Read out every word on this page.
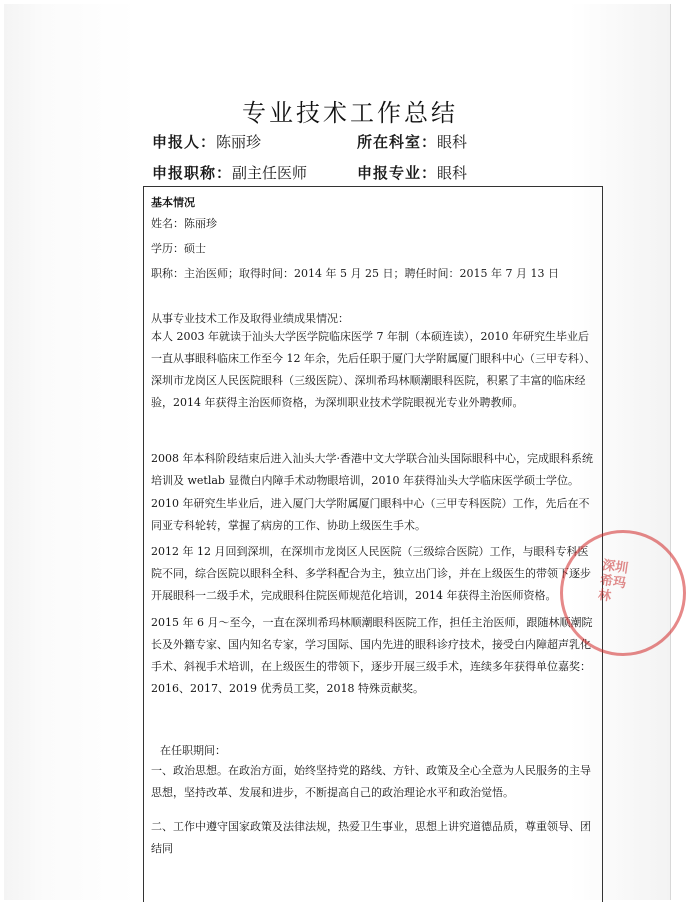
专业技术工作总结
申报人：陈丽珍	所在科室：眼科
申报职称：副主任医师	申报专业：眼科
基本情况
姓名：陈丽珍
学历：硕士
职称：主治医师；取得时间：2014 年 5 月 25 日；聘任时间：2015 年 7 月 13 日
从事专业技术工作及取得业绩成果情况：
本人 2003 年就读于汕头大学医学院临床医学 7 年制（本硕连读），2010 年研究生毕业后一直从事眼科临床工作至今 12 年余，先后任职于厦门大学附属厦门眼科中心（三甲专科）、深圳市龙岗区人民医院眼科（三级医院）、深圳希玛林顺潮眼科医院，积累了丰富的临床经验，2014 年获得主治医师资格，为深圳职业技术学院眼视光专业外聘教师。
2008 年本科阶段结束后进入汕头大学·香港中文大学联合汕头国际眼科中心，完成眼科系统培训及 wetlab 显微白内障手术动物眼培训，2010 年获得汕头大学临床医学硕士学位。
2010 年研究生毕业后，进入厦门大学附属厦门眼科中心（三甲专科医院）工作，先后在不同亚专科轮转，掌握了病房的工作、协助上级医生手术。
2012 年 12 月回到深圳，在深圳市龙岗区人民医院（三级综合医院）工作，与眼科专科医院不同，综合医院以眼科全科、多学科配合为主，独立出门诊，并在上级医生的带领下逐步开展眼科一二级手术，完成眼科住院医师规范化培训，2014 年获得主治医师资格。
2015 年 6 月～至今，一直在深圳希玛林顺潮眼科医院工作，担任主治医师，跟随林顺潮院长及外籍专家、国内知名专家，学习国际、国内先进的眼科诊疗技术，接受白内障超声乳化手术、斜视手术培训，在上级医生的带领下，逐步开展三级手术，连续多年获得单位嘉奖：2016、2017、2019 优秀员工奖，2018 特殊贡献奖。
在任职期间：
一、政治思想。在政治方面，始终坚持党的路线、方针、政策及全心全意为人民服务的主导思想，坚持改革、发展和进步，不断提高自己的政治理论水平和政治觉悟。
二、工作中遵守国家政策及法律法规，热爱卫生事业，思想上讲究道德品质，尊重领导、团结同
深圳希玛林
